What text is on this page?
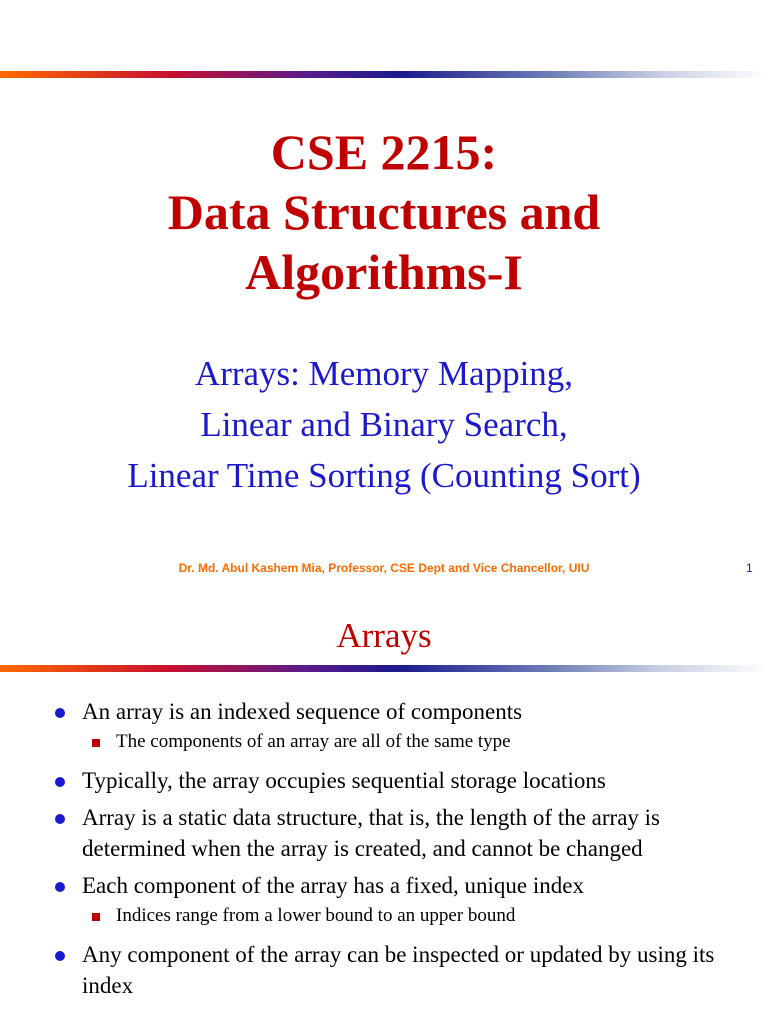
CSE 2215:
Data Structures and
Algorithms-I
Arrays: Memory Mapping,
Linear and Binary Search,
Linear Time Sorting (Counting Sort)
Dr. Md. Abul Kashem Mia, Professor, CSE Dept and Vice Chancellor, UIU	1
Arrays
An array is an indexed sequence of components
The components of an array are all of the same type
Typically, the array occupies sequential storage locations
Array is a static data structure, that is, the length of the array is determined when the array is created, and cannot be changed
Each component of the array has a fixed, unique index
Indices range from a lower bound to an upper bound
Any component of the array can be inspected or updated by using its index
